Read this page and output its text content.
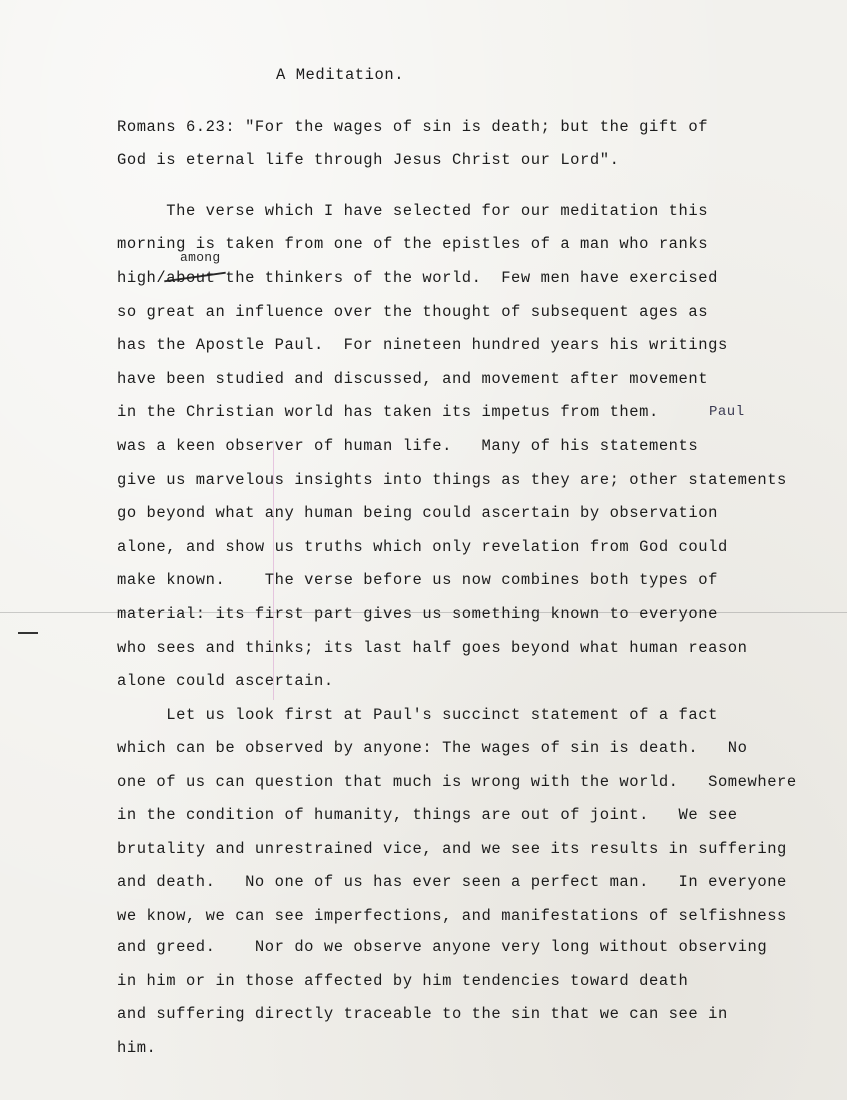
A Meditation.
Romans 6.23: "For the wages of sin is death; but the gift of
God is eternal life through Jesus Christ our Lord".
among
The verse which I have selected for our meditation this
morning is taken from one of the epistles of a man who ranks
high/about the thinkers of the world.  Few men have exercised
so great an influence over the thought of subsequent ages as
has the Apostle Paul.  For nineteen hundred years his writings
have been studied and discussed, and movement after movement
in the Christian world has taken its impetus from them.	Paul
was a keen observer of human life.   Many of his statements
give us marvelous insights into things as they are; other statements
go beyond what any human being could ascertain by observation
alone, and show us truths which only revelation from God could
make known.    The verse before us now combines both types of
material: its first part gives us something known to everyone
who sees and thinks; its last half goes beyond what human reason
alone could ascertain.
Let us look first at Paul's succinct statement of a fact
which can be observed by anyone: The wages of sin is death.   No
one of us can question that much is wrong with the world.   Somewhere
in the condition of humanity, things are out of joint.   We see
brutality and unrestrained vice, and we see its results in suffering
and death.   No one of us has ever seen a perfect man.   In everyone
we know, we can see imperfections, and manifestations of selfishness
and greed.    Nor do we observe anyone very long without observing
in him or in those affected by him tendencies toward death
and suffering directly traceable to the sin that we can see in
him.
